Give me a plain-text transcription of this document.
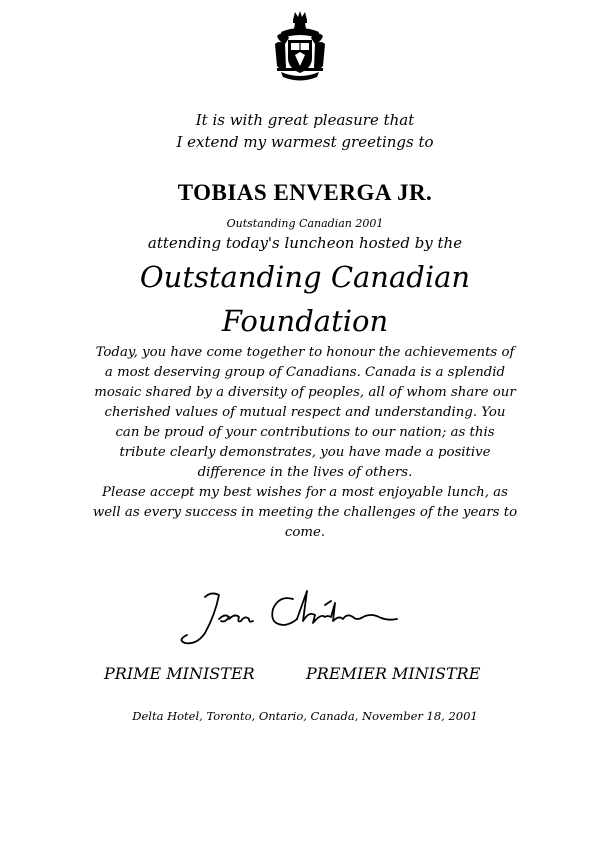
It is with great pleasure that
I extend my warmest greetings to
TOBIAS ENVERGA JR.
Outstanding Canadian 2001
attending today's luncheon hosted by the
Outstanding Canadian
Foundation

Today, you have come together to honour the achievements of

a most deserving group of Canadians. Canada is a splendid

mosaic shared by a diversity of peoples, all of whom share our

cherished values of mutual respect and understanding. You

can be proud of your contributions to our nation; as this

tribute clearly demonstrates, you have made a positive

difference in the lives of others.

Please accept my best wishes for a most enjoyable lunch, as

well as every success in meeting the challenges of the years to

come.

PRIME MINISTER	PREMIER MINISTRE
Delta Hotel, Toronto, Ontario, Canada, November 18, 2001
